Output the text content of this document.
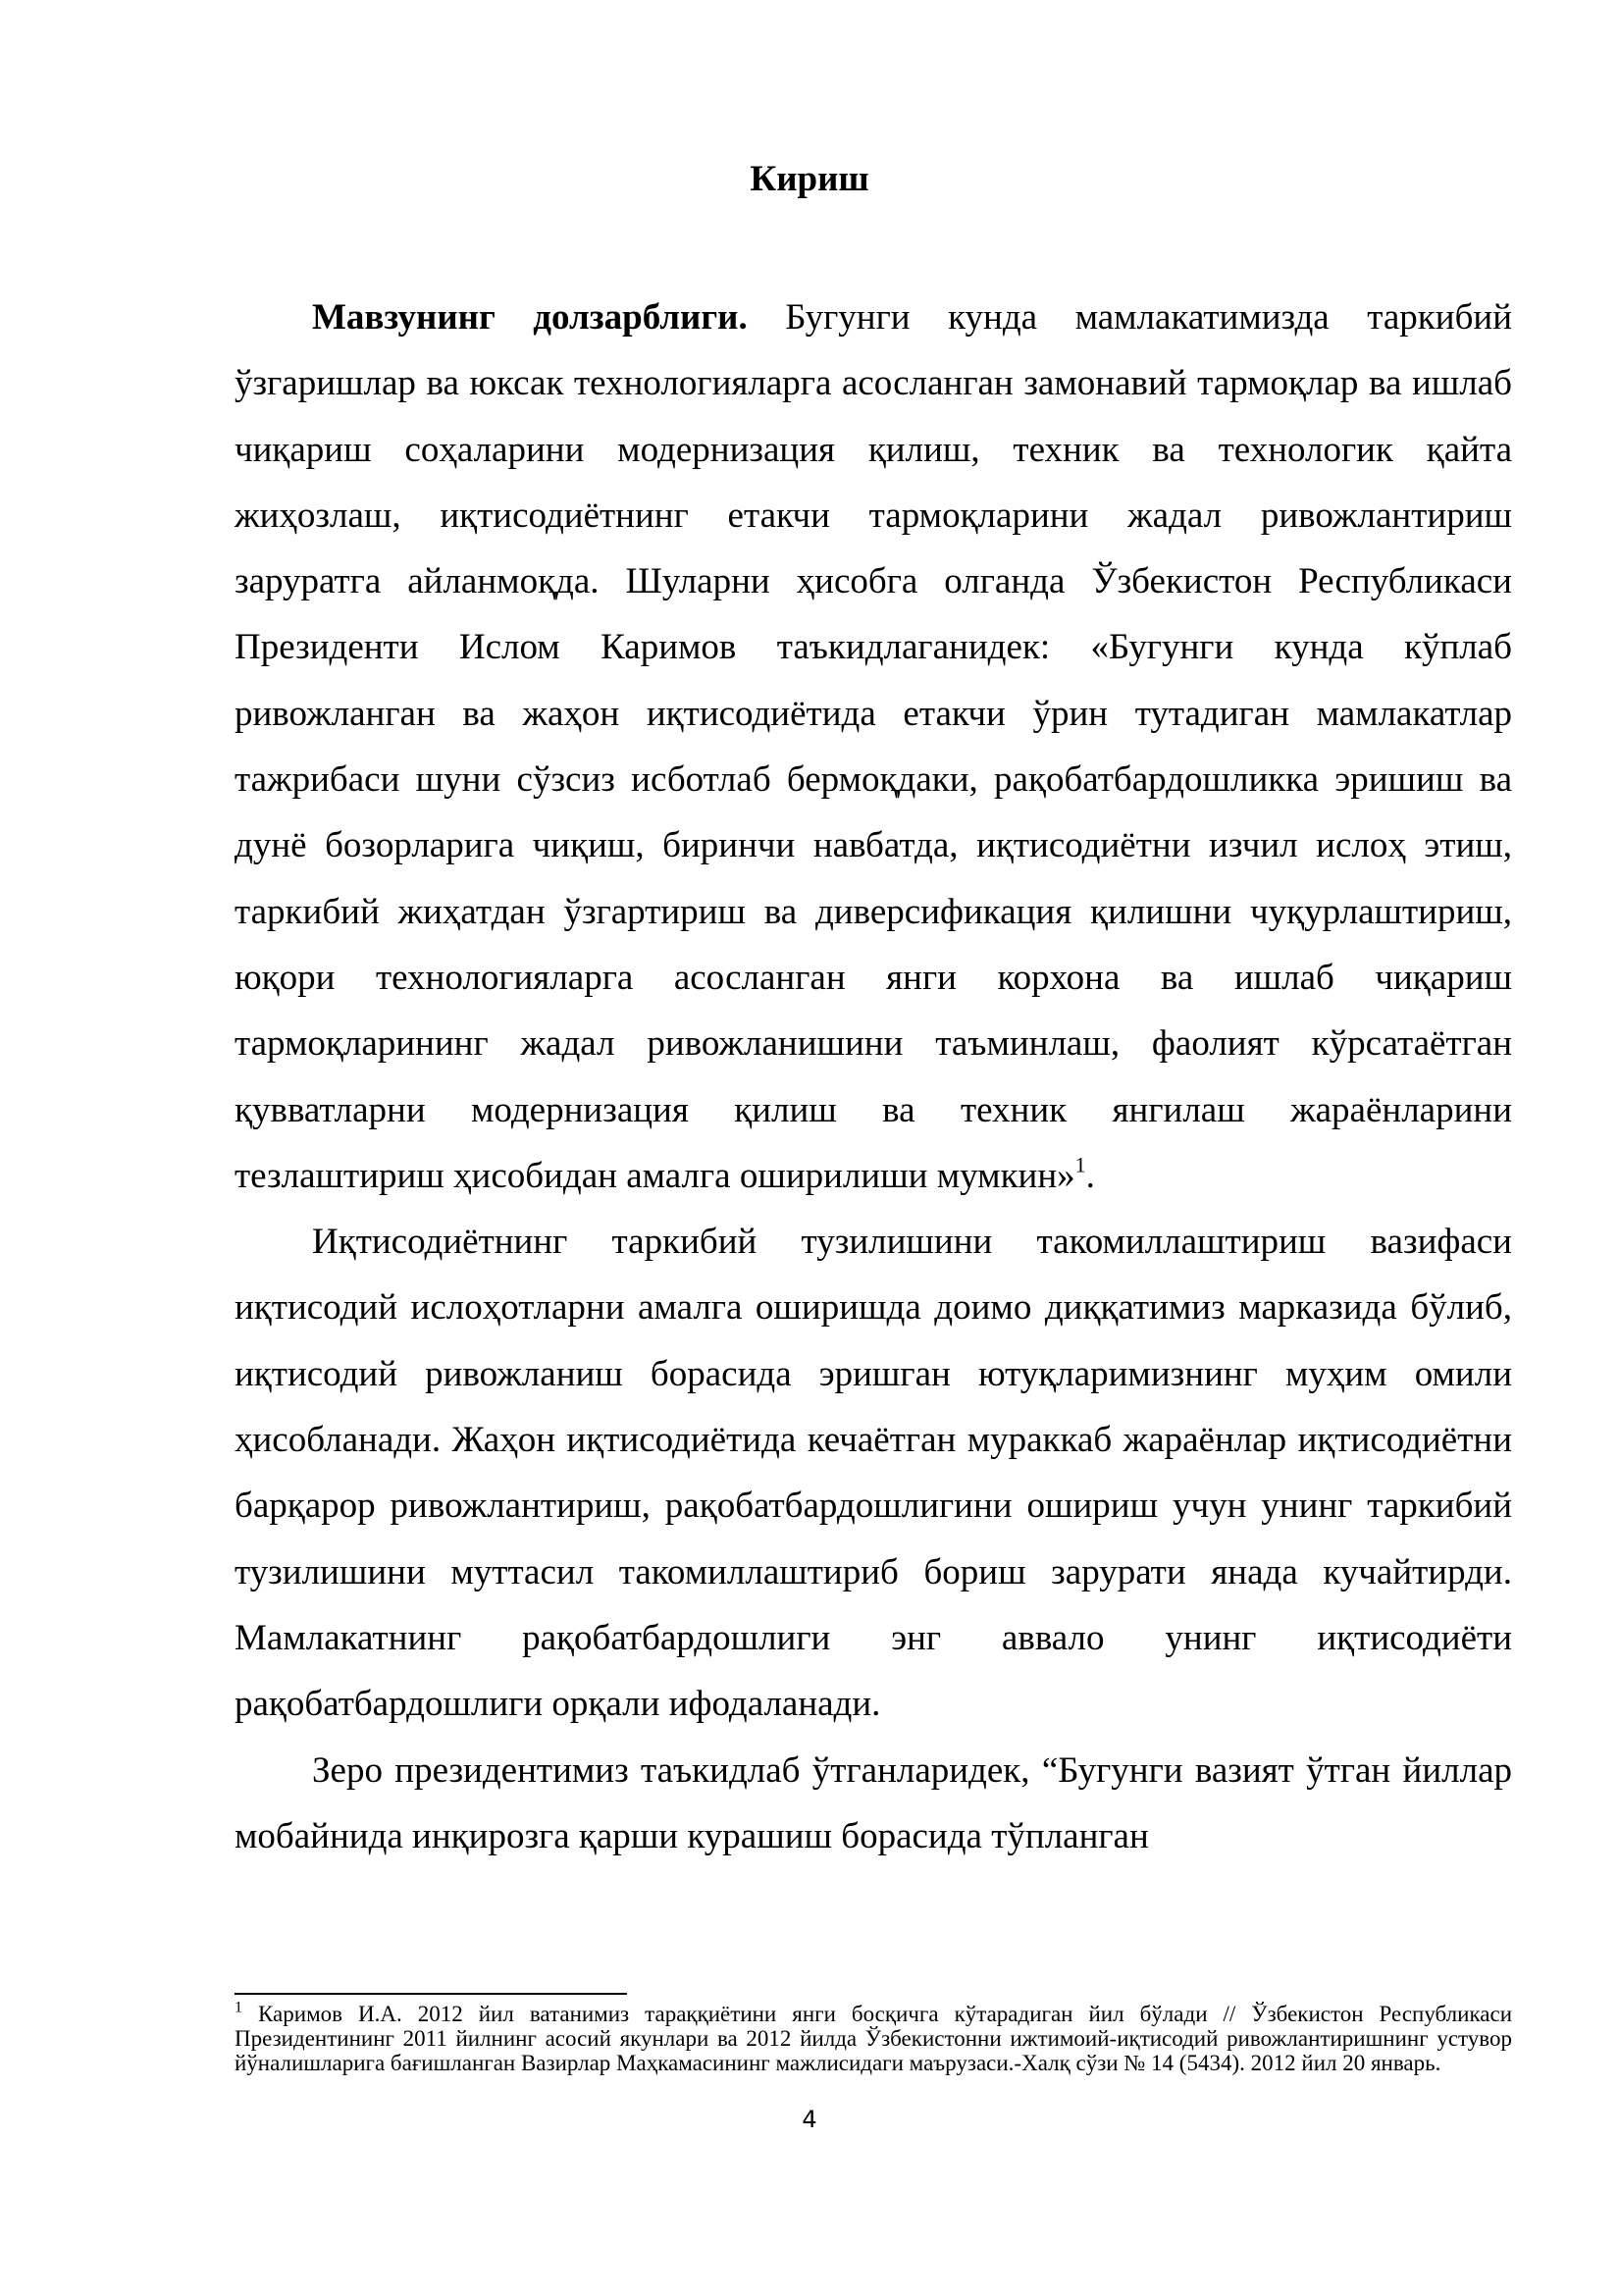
Кириш

Мавзунинг долзарблиги. Бугунги кунда мамлакатимизда таркибий ўзгаришлар ва юксак технологияларга асосланган замонавий тармоқлар ва ишлаб чиқариш соҳаларини модернизация қилиш, техник ва технологик қайта жиҳозлаш, иқтисодиётнинг етакчи тармоқларини жадал ривожлантириш заруратга айланмоқда. Шуларни ҳисобга олганда Ўзбекистон Республикаси Президенти Ислом Каримов таъкидлаганидек: «Бугунги кунда кўплаб ривожланган ва жаҳон иқтисодиётида етакчи ўрин тутадиган мамлакатлар тажрибаси шуни сўзсиз исботлаб бермоқдаки, рақобатбардошликка эришиш ва дунё бозорларига чиқиш, биринчи навбатда, иқтисодиётни изчил ислоҳ этиш, таркибий жиҳатдан ўзгартириш ва диверсификация қилишни чуқурлаштириш, юқори технологияларга асосланган янги корхона ва ишлаб чиқариш тармоқларининг жадал ривожланишини таъминлаш, фаолият кўрсатаётган қувватларни модернизация қилиш ва техник янгилаш жараёнларини тезлаштириш ҳисобидан амалга оширилиши мумкин»$^1$.

Иқтисодиётнинг таркибий тузилишини такомиллаштириш вазифаси иқтисодий ислоҳотларни амалга оширишда доимо диққатимиз марказида бўлиб, иқтисодий ривожланиш борасида эришган ютуқларимизнинг муҳим омили ҳисобланади. Жаҳон иқтисодиётида кечаётган мураккаб жараёнлар иқтисодиётни барқарор ривожлантириш, рақобатбардошлигини ошириш учун унинг таркибий тузилишини муттасил такомиллаштириб бориш зарурати янада кучайтирди. Мамлакатнинг рақобатбардошлиги энг аввало унинг иқтисодиёти рақобатбардошлиги орқали ифодаланади.

Зеро президентимиз таъкидлаб ўтганларидек, “Бугунги вазият ўтган йиллар мобайнида инқирозга қарши курашиш борасида тўпланган

$^1$ Каримов И.А. 2012 йил ватанимиз тараққиётини янги босқичга кўтарадиган йил бўлади // Ўзбекистон Республикаси Президентининг 2011 йилнинг асосий якунлари ва 2012 йилда Ўзбекистонни ижтимоий-иқтисодий ривожлантиришнинг устувор йўналишларига бағишланган Вазирлар Маҳкамасининг мажлисидаги маърузаси.-Халқ сўзи № 14 (5434). 2012 йил 20 январь.

4
